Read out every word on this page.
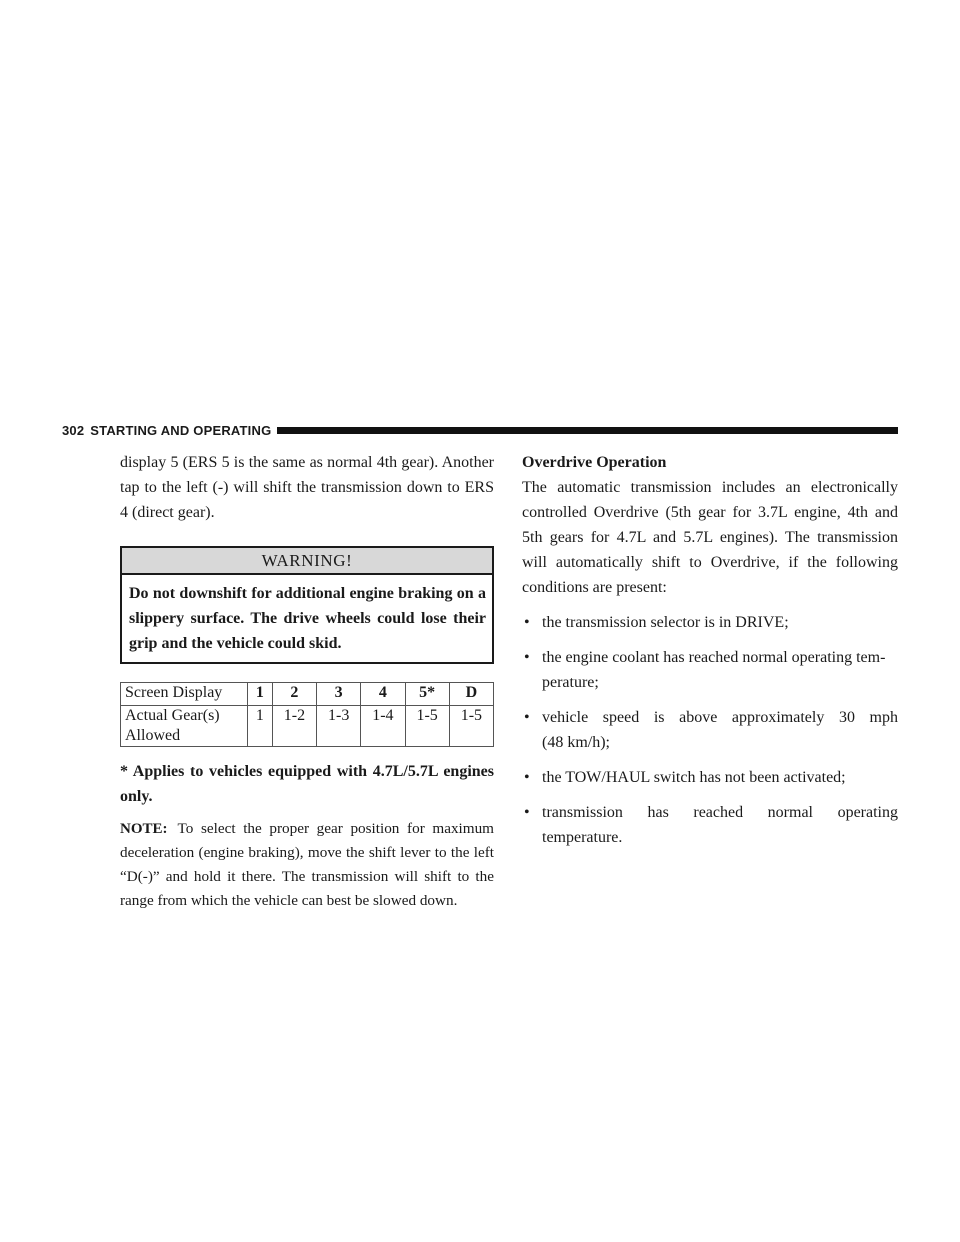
302 STARTING AND OPERATING

display 5 (ERS 5 is the same as normal 4th gear). Another tap to the left (-) will shift the transmission down to ERS 4 (direct gear).

WARNING!
Do not downshift for additional engine braking on a slippery surface. The drive wheels could lose their grip and the vehicle could skid.
Screen Display	1	2	3	4	5*	D
Actual Gear(s)
Allowed	1	1-2	1-3	1-4	1-5	1-5
* Applies to vehicles equipped with 4.7L/5.7L engines only.
NOTE: To select the proper gear position for maximum deceleration (engine braking), move the shift lever to the left “D(-)” and hold it there. The transmission will shift to the range from which the vehicle can best be slowed down.
Overdrive Operation

The automatic transmission includes an electronically controlled Overdrive (5th gear for 3.7L engine, 4th and 5th gears for 4.7L and 5.7L engines). The transmission will automatically shift to Overdrive, if the following conditions are present:

• the transmission selector is in DRIVE;
• the engine coolant has reached normal operating tem-
perature;
• vehicle speed is above approximately 30 mph
(48 km/h);
• the TOW/HAUL switch has not been activated;
• transmission has reached normal operating
temperature.
